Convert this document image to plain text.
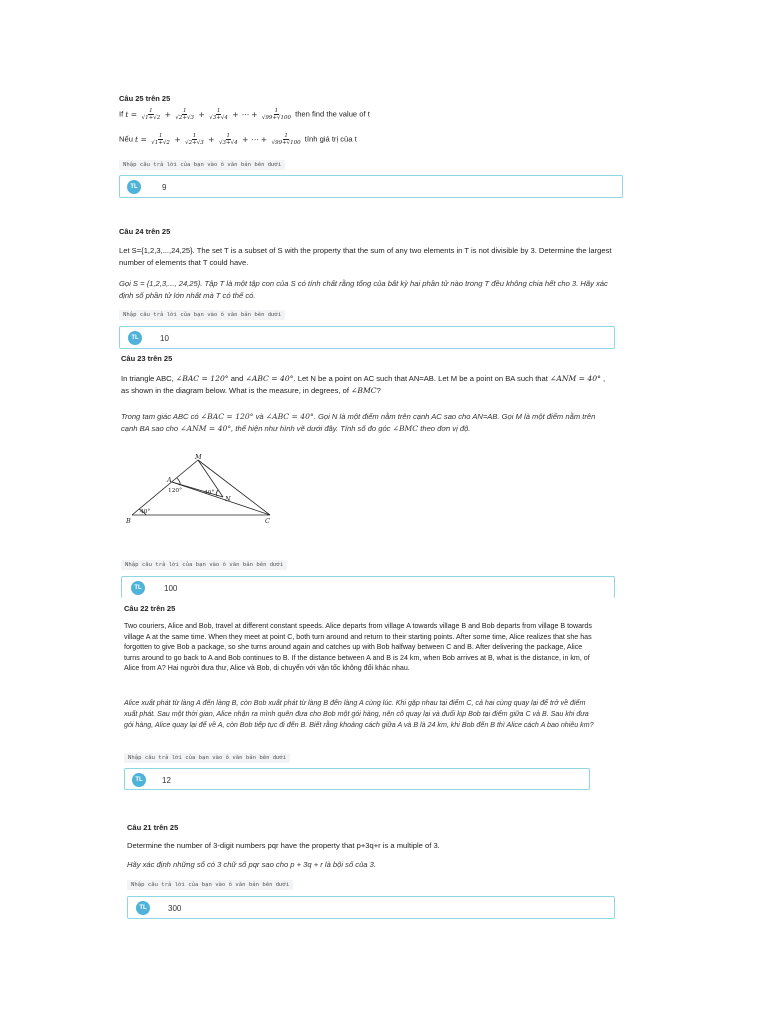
Câu 25 trên 25
If $t = \frac{1}{√1+√2} + \frac{1}{√2+√3} + \frac{1}{√3+√4}$ + ⋯ + $\frac{1}{√99+√100}$ then find the value of t
Nếu $t = \frac{1}{√1+√2} + \frac{1}{√2+√3} + \frac{1}{√3+√4}$ + ⋯ + $\frac{1}{√99+√100}$ tính giá trị của t
Nhập câu trả lời của bạn vào ô văn bản bên dưới
TL	9
Câu 24 trên 25
Let S={1,2,3,...,24,25}. The set T is a subset of S with the property that the sum of any two elements in T is not divisible by 3. Determine the largest number of elements that T could have.
Gọi S = {1,2,3,..., 24,25}. Tập T là một tập con của S có tính chất rằng tổng của bất kỳ hai phần tử nào trong T đều không chia hết cho 3. Hãy xác định số phần tử lớn nhất mà T có thể có.
Nhập câu trả lời của bạn vào ô văn bản bên dưới
TL	10
Câu 23 trên 25
In triangle ABC, ∠BAC = 120° and ∠ABC = 40°. Let N be a point on AC such that AN=AB. Let M be a point on BA such that ∠ANM = 40° , as shown in the diagram below. What is the measure, in degrees, of ∠BMC?
Trong tam giác ABC có ∠BAC = 120° và ∠ABC = 40°. Gọi N là một điểm nằm trên cạnh AC sao cho AN=AB. Gọi M là một điểm nằm trên cạnh BA sao cho ∠ANM = 40°, thể hiện như hình vẽ dưới đây. Tính số đo góc ∠BMC theo đơn vị độ.
M
A
N
B	C
120°	40°
40°
Nhập câu trả lời của bạn vào ô văn bản bên dưới
TL	100
Câu 22 trên 25
Two couriers, Alice and Bob, travel at different constant speeds. Alice departs from village A towards village B and Bob departs from village B towards village A at the same time. When they meet at point C, both turn around and return to their starting points. After some time, Alice realizes that she has forgotten to give Bob a package, so she turns around again and catches up with Bob halfway between C and B. After delivering the package, Alice turns around to go back to A and Bob continues to B. If the distance between A and B is 24 km, when Bob arrives at B, what is the distance, in km, of Alice from A? Hai người đưa thư, Alice và Bob, di chuyển với vận tốc không đổi khác nhau.
Alice xuất phát từ làng A đến làng B, còn Bob xuất phát từ làng B đến làng A cùng lúc. Khi gặp nhau tại điểm C, cả hai cùng quay lại để trở về điểm xuất phát. Sau một thời gian, Alice nhận ra mình quên đưa cho Bob một gói hàng, nên cô quay lại và đuổi kịp Bob tại điểm giữa C và B. Sau khi đưa gói hàng, Alice quay lại để về A, còn Bob tiếp tục đi đến B. Biết rằng khoảng cách giữa A và B là 24 km, khi Bob đến B thì Alice cách A bao nhiêu km?
Nhập câu trả lời của bạn vào ô văn bản bên dưới
TL	12
Câu 21 trên 25
Determine the number of 3-digit numbers pqr have the property that p+3q+r is a multiple of 3.
Hãy xác định những số có 3 chữ số pqr sao cho p + 3q + r là bội số của 3.
Nhập câu trả lời của bạn vào ô văn bản bên dưới
TL	300
